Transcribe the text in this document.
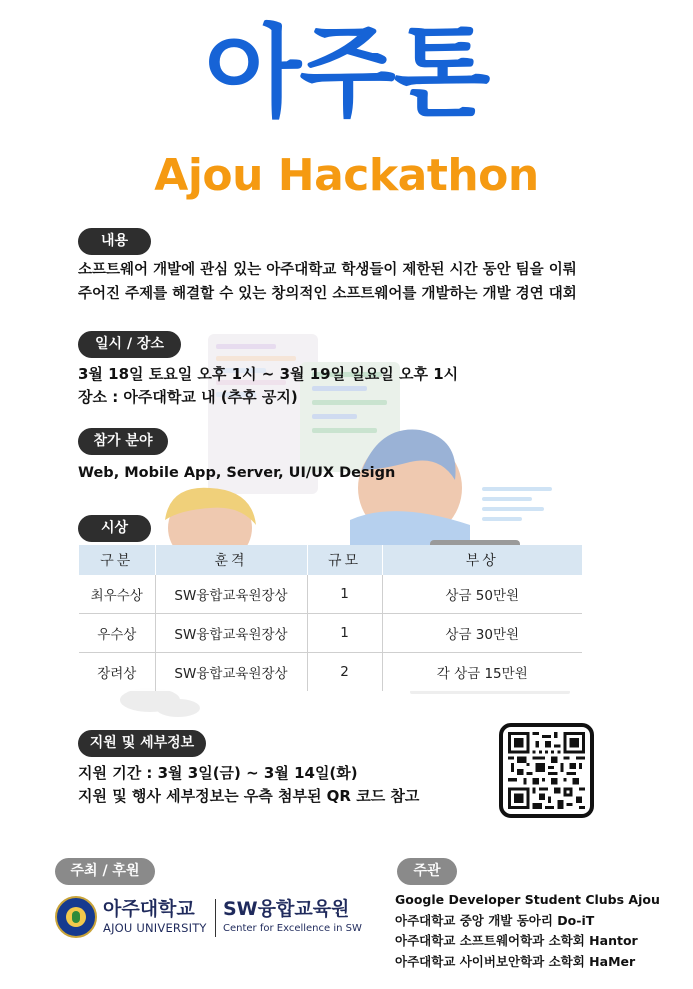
아주톤
Ajou Hackathon
내용
소프트웨어 개발에 관심 있는 아주대학교 학생들이 제한된 시간 동안 팀을 이뤄
주어진 주제를 해결할 수 있는 창의적인 소프트웨어를 개발하는 개발 경연 대회
일시 / 장소
3월 18일 토요일 오후 1시 ~ 3월 19일 일요일 오후 1시
장소 : 아주대학교 내 (추후 공지)
참가 분야
Web, Mobile App, Server, UI/UX Design
시상
구분	훈격	규모	부상
최우수상	SW융합교육원장상	1	상금 50만원
우수상	SW융합교육원장상	1	상금 30만원
장려상	SW융합교육원장상	2	각 상금 15만원
지원 및 세부정보
지원 기간 : 3월 3일(금) ~ 3월 14일(화)
지원 및 행사 세부정보는 우측 첨부된 QR 코드 참고
주최 / 후원
아주대학교
AJOU UNIVERSITY
SW융합교육원
Center for Excellence in SW
주관
Google Developer Student Clubs Ajou
아주대학교 중앙 개발 동아리 Do-iT
아주대학교 소프트웨어학과 소학회 Hantor
아주대학교 사이버보안학과 소학회 HaMer
